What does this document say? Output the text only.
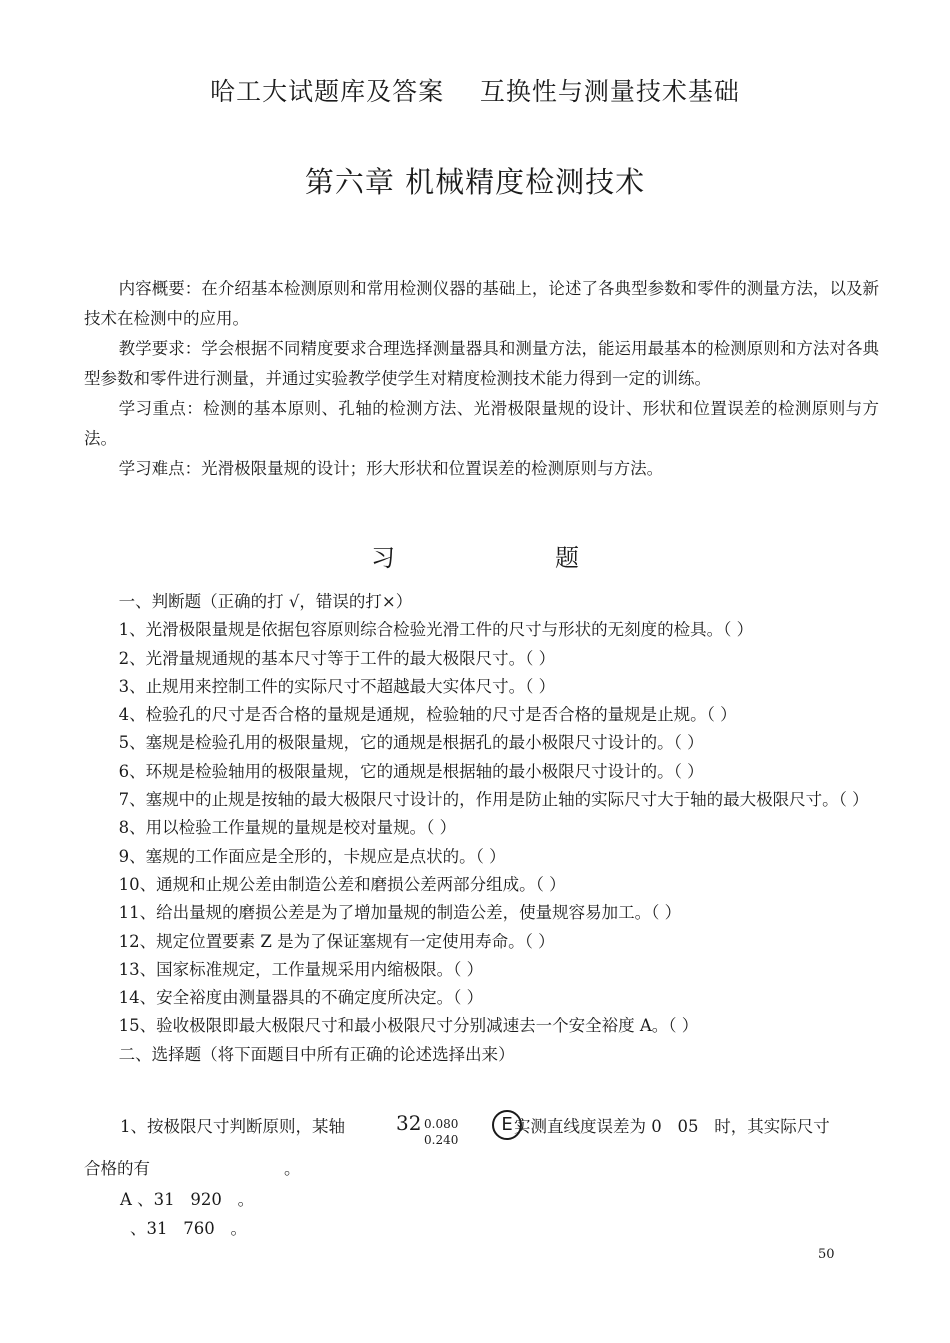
哈工大试题库及答案    互换性与测量技术基础
第六章 机械精度检测技术

内容概要：在介绍基本检测原则和常用检测仪器的基础上，论述了各典型参数和零件的测量方法，以及新技术在检测中的应用。

教学要求：学会根据不同精度要求合理选择测量器具和测量方法，能运用最基本的检测原则和方法对各典型参数和零件进行测量，并通过实验教学使学生对精度检测技术能力得到一定的训练。

学习重点：检测的基本原则、孔轴的检测方法、光滑极限量规的设计、形状和位置误差的检测原则与方法。

学习难点：光滑极限量规的设计；形大形状和位置误差的检测原则与方法。

习	题

一、判断题（正确的打 √，错误的打×）

1、光滑极限量规是依据包容原则综合检验光滑工件的尺寸与形状的无刻度的检具。（ ）

2、光滑量规通规的基本尺寸等于工件的最大极限尺寸。（ ）

3、止规用来控制工件的实际尺寸不超越最大实体尺寸。（ ）

4、检验孔的尺寸是否合格的量规是通规，检验轴的尺寸是否合格的量规是止规。（ ）

5、塞规是检验孔用的极限量规，它的通规是根据孔的最小极限尺寸设计的。（ ）

6、环规是检验轴用的极限量规，它的通规是根据轴的最小极限尺寸设计的。（ ）

7、塞规中的止规是按轴的最大极限尺寸设计的，作用是防止轴的实际尺寸大于轴的最大极限尺寸。（ ）

8、用以检验工作量规的量规是校对量规。（ ）

9、塞规的工作面应是全形的，卡规应是点状的。（ ）

10、通规和止规公差由制造公差和磨损公差两部分组成。（ ）

11、给出量规的磨损公差是为了增加量规的制造公差，使量规容易加工。（ ）

12、规定位置要素 Z 是为了保证塞规有一定使用寿命。（ ）

13、国家标准规定，工作量规采用内缩极限。（ ）

14、安全裕度由测量器具的不确定度所决定。（ ）

15、验收极限即最大极限尺寸和最小极限尺寸分别减速去一个安全裕度 A。（ ）

二、选择题（将下面题目中所有正确的论述选择出来）

1、按极限尺寸判断原则，某轴	32 0.080
0.240
E 实测直线度误差为 0   05   时，其实际尺寸
合格的有	。
A 、31   920   。
、31   760   。
50
